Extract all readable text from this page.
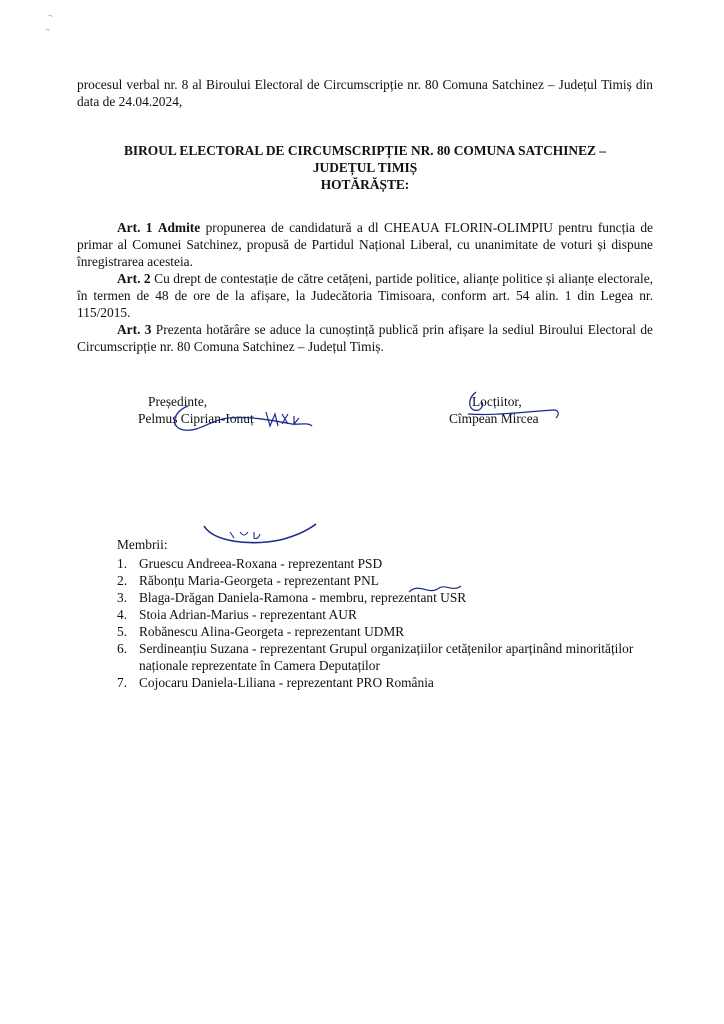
procesul verbal nr. 8 al Biroului Electoral de Circumscripție nr. 80 Comuna Satchinez – Județul Timiș din data de 24.04.2024,

BIROUL ELECTORAL DE CIRCUMSCRIPȚIE NR. 80 COMUNA SATCHINEZ –
JUDEȚUL TIMIȘ
HOTĂRĂȘTE:

Art. 1 Admite propunerea de candidatură a dl CHEAUA FLORIN-OLIMPIU pentru funcția de primar al Comunei Satchinez, propusă de Partidul Național Liberal, cu unanimitate de voturi și dispune înregistrarea acesteia.

Art. 2 Cu drept de contestație de către cetățeni, partide politice, alianțe politice și alianțe electorale, în termen de 48 de ore de la afișare, la Judecătoria Timisoara, conform art. 54 alin. 1 din Legea nr. 115/2015.

Art. 3 Prezenta hotărâre se aduce la cunoștință publică prin afișare la sediul Biroului Electoral de Circumscripție nr. 80 Comuna Satchinez – Județul Timiș.

Președinte,
Pelmuș Ciprian-Ionuț
Locțiitor,
Cîmpean Mircea
Membrii:
1. Gruescu Andreea-Roxana - reprezentant PSD
2. Răbonțu Maria-Georgeta - reprezentant PNL
3. Blaga-Drăgan Daniela-Ramona - membru, reprezentant USR
4. Stoia Adrian-Marius - reprezentant AUR
5. Robănescu Alina-Georgeta - reprezentant UDMR
6. Serdineanțiu Suzana - reprezentant Grupul organizațiilor cetățenilor aparținând minorităților naționale reprezentate în Camera Deputaților
7. Cojocaru Daniela-Liliana - reprezentant PRO România
